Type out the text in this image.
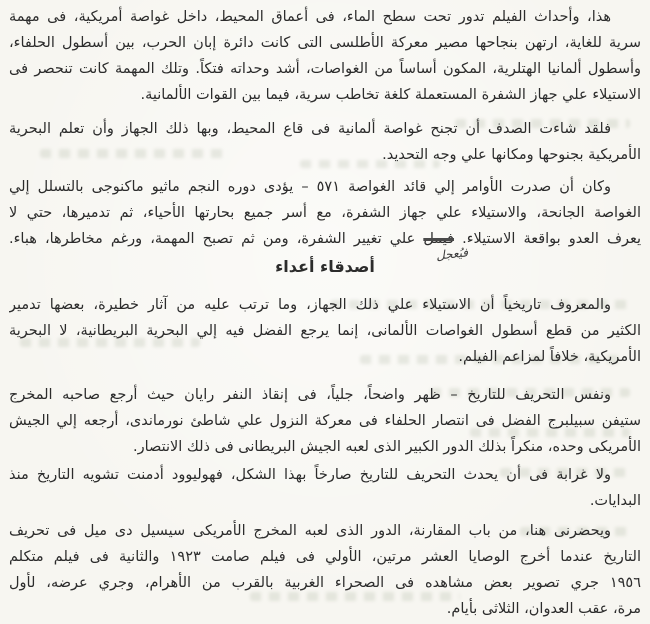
هذا، وأحداث الفيلم تدور تحت سطح الماء، فى أعماق المحيط، داخل غواصة أمريكية، فى مهمة
سرية للغاية، ارتهن بنجاحها مصير معركة الأطلسى التى كانت دائرة إبان الحرب، بين أسطول الحلفاء،
وأسطول ألمانيا الهتلرية، المكون أساساً من الغواصات، أشد وحداته فتكاً. وتلك المهمة كانت تنحصر فى
الاستيلاء علي جهاز الشفرة المستعملة كلغة تخاطب سرية، فيما بين القوات الألمانية.
فلقد شاءت الصدف أن تجنح غواصة ألمانية فى قاع المحيط، وبها ذلك الجهاز وأن تعلم البحرية
الأمريكية بجنوحها ومكانها علي وجه التحديد.
وكان أن صدرت الأوامر إلي قائد الغواصة ٥٧١ – يؤدى دوره النجم ماثيو ماكنوجى بالتسلل إلي
الغواصة الجانحة، والاستيلاء علي جهاز الشفرة، مع أسر جميع بحارتها الأحياء، ثم تدميرها، حتي لا
يعرف العدو بواقعة الاستيلاء. فيمل
فيُعجل
علي تغيير الشفرة، ومن ثم تصبح المهمة، ورغم مخاطرها، هباء.
أصدقاء أعداء
والمعروف تاريخياً أن الاستيلاء علي ذلك الجهاز، وما ترتب عليه من آثار خطيرة، بعضها تدمير
الكثير من قطع أسطول الغواصات الألمانى، إنما يرجع الفضل فيه إلي البحرية البريطانية، لا البحرية
الأمريكية، خلافاً لمزاعم الفيلم.
ونفس التحريف للتاريخ – ظهر واضحاً، جلياً، فى إنقاذ النفر رايان حيث أرجع صاحبه المخرج
ستيفن سبيلبرج الفضل فى انتصار الحلفاء فى معركة النزول علي شاطئ نورماندى، أرجعه إلي الجيش
الأمريكى وحده، منكراً بذلك الدور الكبير الذى لعبه الجيش البريطانى فى ذلك الانتصار.
ولا غرابة فى أن يحدث التحريف للتاريخ صارخاً بهذا الشكل، فهوليوود أدمنت تشويه التاريخ منذ
البدايات.
ويحضرنى هنا، من باب المقارنة، الدور الذى لعبه المخرج الأمريكى سيسيل دى ميل فى تحريف
التاريخ عندما أخرج الوصايا العشر مرتين، الأولي فى فيلم صامت ١٩٢٣ والثانية فى فيلم متكلم
١٩٥٦ جري تصوير بعض مشاهده فى الصحراء الغربية بالقرب من الأهرام، وجري عرضه، لأول
مرة، عقب العدوان، الثلاثى بأيام.
